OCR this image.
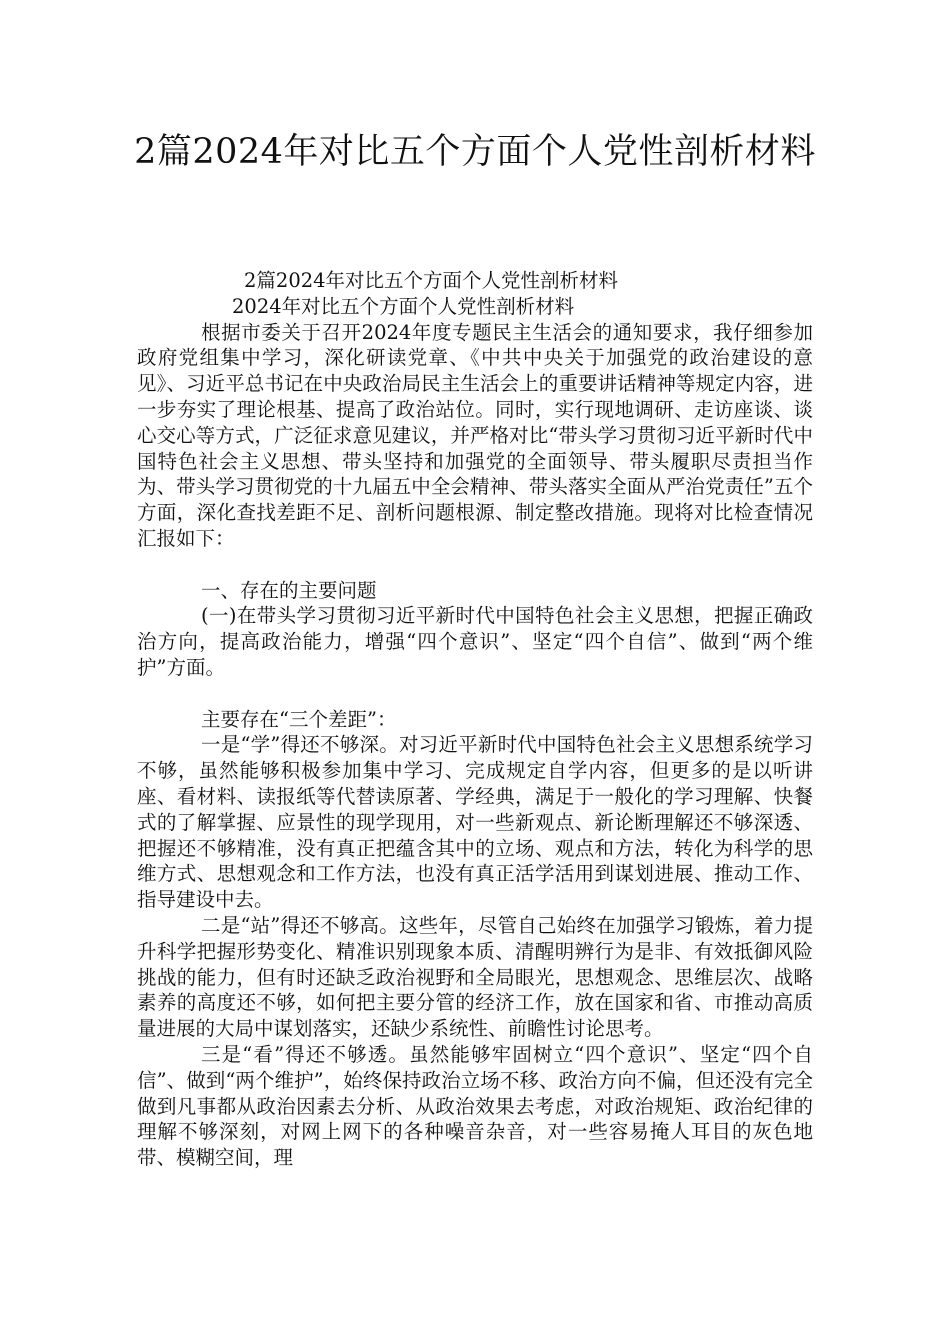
2篇2024年对比五个方面个人党性剖析材料

2篇2024年对比五个方面个人党性剖析材料

2024年对比五个方面个人党性剖析材料

根据市委关于召开2024年度专题民主生活会的通知要求，我仔细参加政府党组集中学习，深化研读党章、《中共中央关于加强党的政治建设的意见》、习近平总书记在中央政治局民主生活会上的重要讲话精神等规定内容，进一步夯实了理论根基、提高了政治站位。同时，实行现地调研、走访座谈、谈心交心等方式，广泛征求意见建议，并严格对比“带头学习贯彻习近平新时代中国特色社会主义思想、带头坚持和加强党的全面领导、带头履职尽责担当作为、带头学习贯彻党的十九届五中全会精神、带头落实全面从严治党责任”五个方面，深化查找差距不足、剖析问题根源、制定整改措施。现将对比检查情况汇报如下：

一、存在的主要问题

(一)在带头学习贯彻习近平新时代中国特色社会主义思想，把握正确政治方向，提高政治能力，增强“四个意识”、坚定“四个自信”、做到“两个维护”方面。

主要存在“三个差距”：

一是“学”得还不够深。对习近平新时代中国特色社会主义思想系统学习不够，虽然能够积极参加集中学习、完成规定自学内容，但更多的是以听讲座、看材料、读报纸等代替读原著、学经典，满足于一般化的学习理解、快餐式的了解掌握、应景性的现学现用，对一些新观点、新论断理解还不够深透、把握还不够精准，没有真正把蕴含其中的立场、观点和方法，转化为科学的思维方式、思想观念和工作方法，也没有真正活学活用到谋划进展、推动工作、指导建设中去。

二是“站”得还不够高。这些年，尽管自己始终在加强学习锻炼，着力提升科学把握形势变化、精准识别现象本质、清醒明辨行为是非、有效抵御风险挑战的能力，但有时还缺乏政治视野和全局眼光，思想观念、思维层次、战略素养的高度还不够，如何把主要分管的经济工作，放在国家和省、市推动高质量进展的大局中谋划落实，还缺少系统性、前瞻性讨论思考。

三是“看”得还不够透。虽然能够牢固树立“四个意识”、坚定“四个自信”、做到“两个维护”，始终保持政治立场不移、政治方向不偏，但还没有完全做到凡事都从政治因素去分析、从政治效果去考虑，对政治规矩、政治纪律的理解不够深刻，对网上网下的各种噪音杂音，对一些容易掩人耳目的灰色地带、模糊空间，理
